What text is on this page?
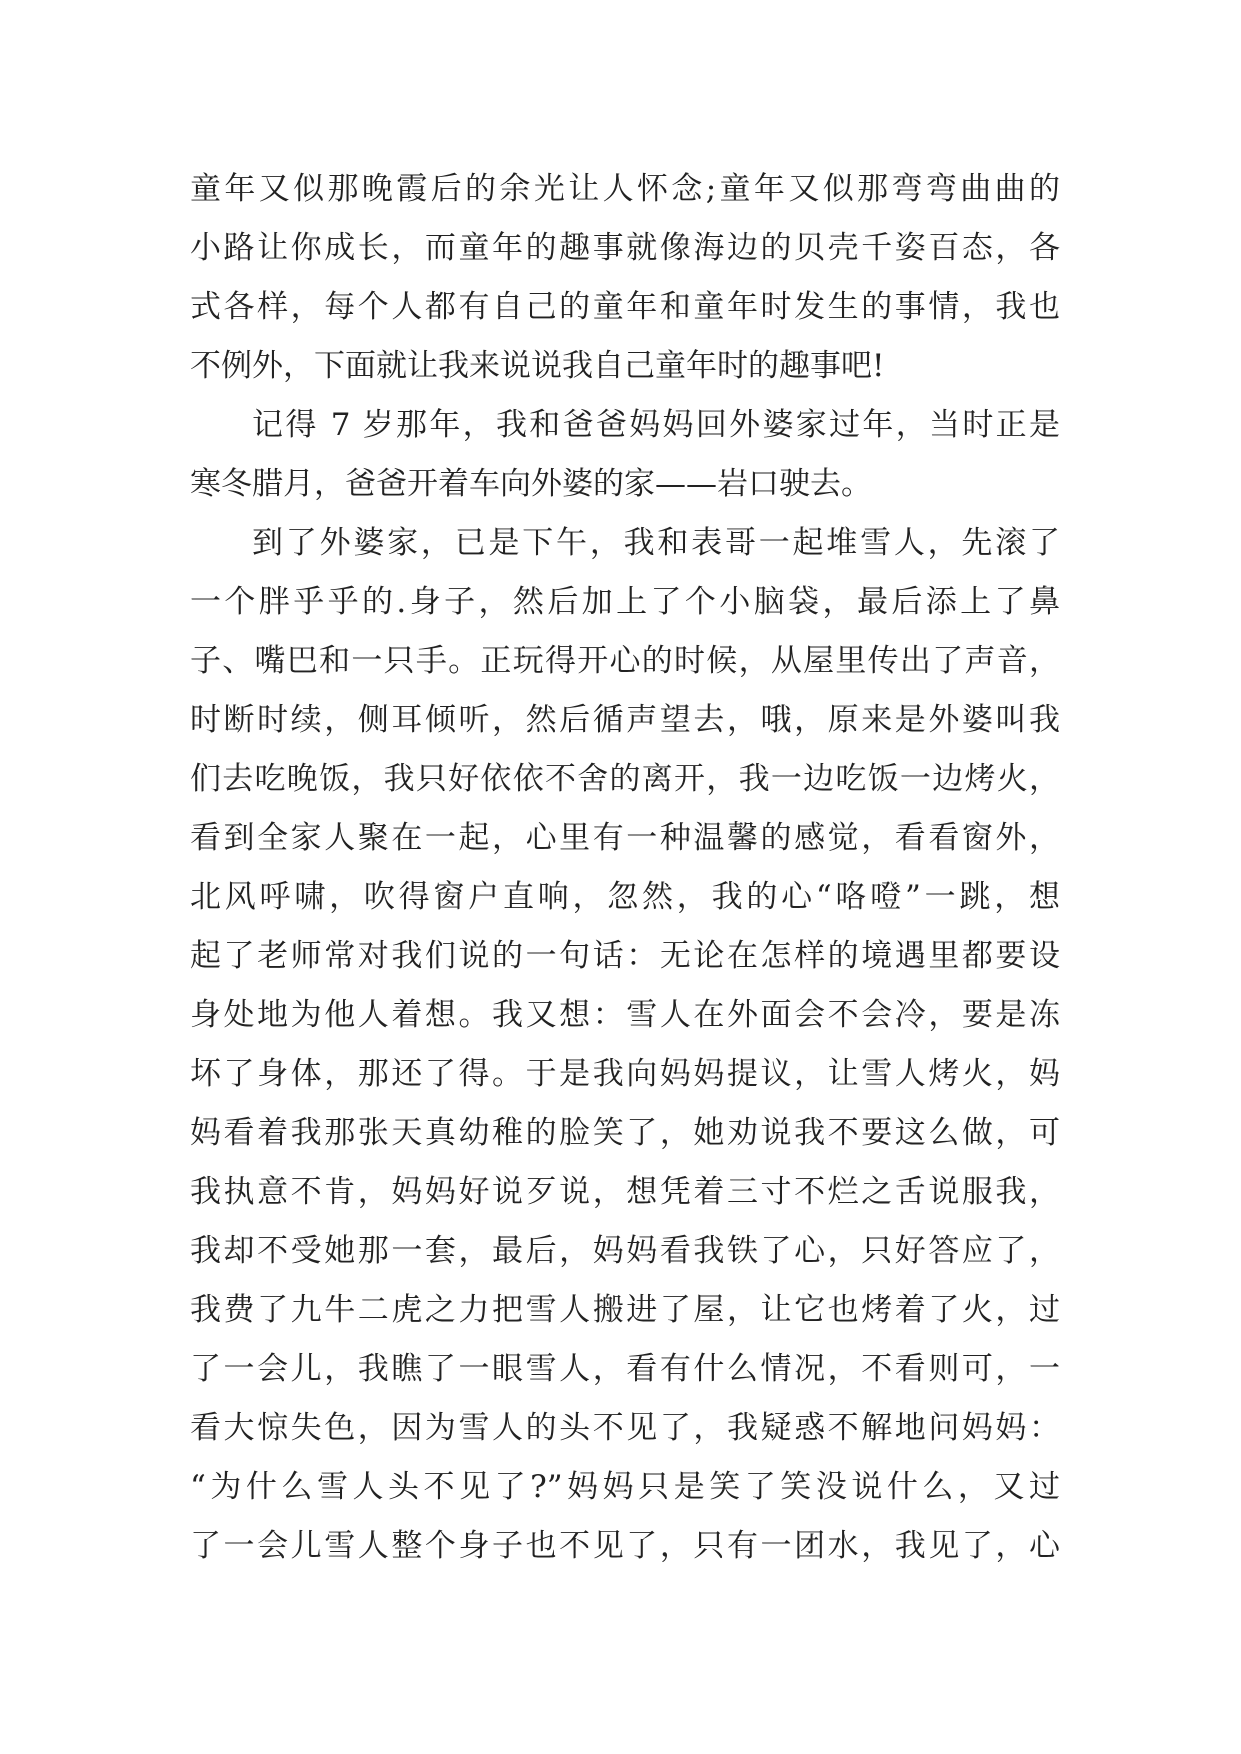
童年又似那晚霞后的余光让人怀念;童年又似那弯弯曲曲的
小路让你成长，而童年的趣事就像海边的贝壳千姿百态，各
式各样，每个人都有自己的童年和童年时发生的事情，我也
不例外，下面就让我来说说我自己童年时的趣事吧!
记得 7 岁那年，我和爸爸妈妈回外婆家过年，当时正是
寒冬腊月，爸爸开着车向外婆的家——岩口驶去。
到了外婆家，已是下午，我和表哥一起堆雪人，先滚了
一个胖乎乎的.身子，然后加上了个小脑袋，最后添上了鼻
子、嘴巴和一只手。正玩得开心的时候，从屋里传出了声音，
时断时续，侧耳倾听，然后循声望去，哦，原来是外婆叫我
们去吃晚饭，我只好依依不舍的离开，我一边吃饭一边烤火，
看到全家人聚在一起，心里有一种温馨的感觉，看看窗外，
北风呼啸，吹得窗户直响，忽然，我的心“咯噔”一跳，想
起了老师常对我们说的一句话：无论在怎样的境遇里都要设
身处地为他人着想。我又想：雪人在外面会不会冷，要是冻
坏了身体，那还了得。于是我向妈妈提议，让雪人烤火，妈
妈看着我那张天真幼稚的脸笑了，她劝说我不要这么做，可
我执意不肯，妈妈好说歹说，想凭着三寸不烂之舌说服我，
我却不受她那一套，最后，妈妈看我铁了心，只好答应了，
我费了九牛二虎之力把雪人搬进了屋，让它也烤着了火，过
了一会儿，我瞧了一眼雪人，看有什么情况，不看则可，一
看大惊失色，因为雪人的头不见了，我疑惑不解地问妈妈：
“为什么雪人头不见了?”妈妈只是笑了笑没说什么，又过
了一会儿雪人整个身子也不见了，只有一团水，我见了，心
